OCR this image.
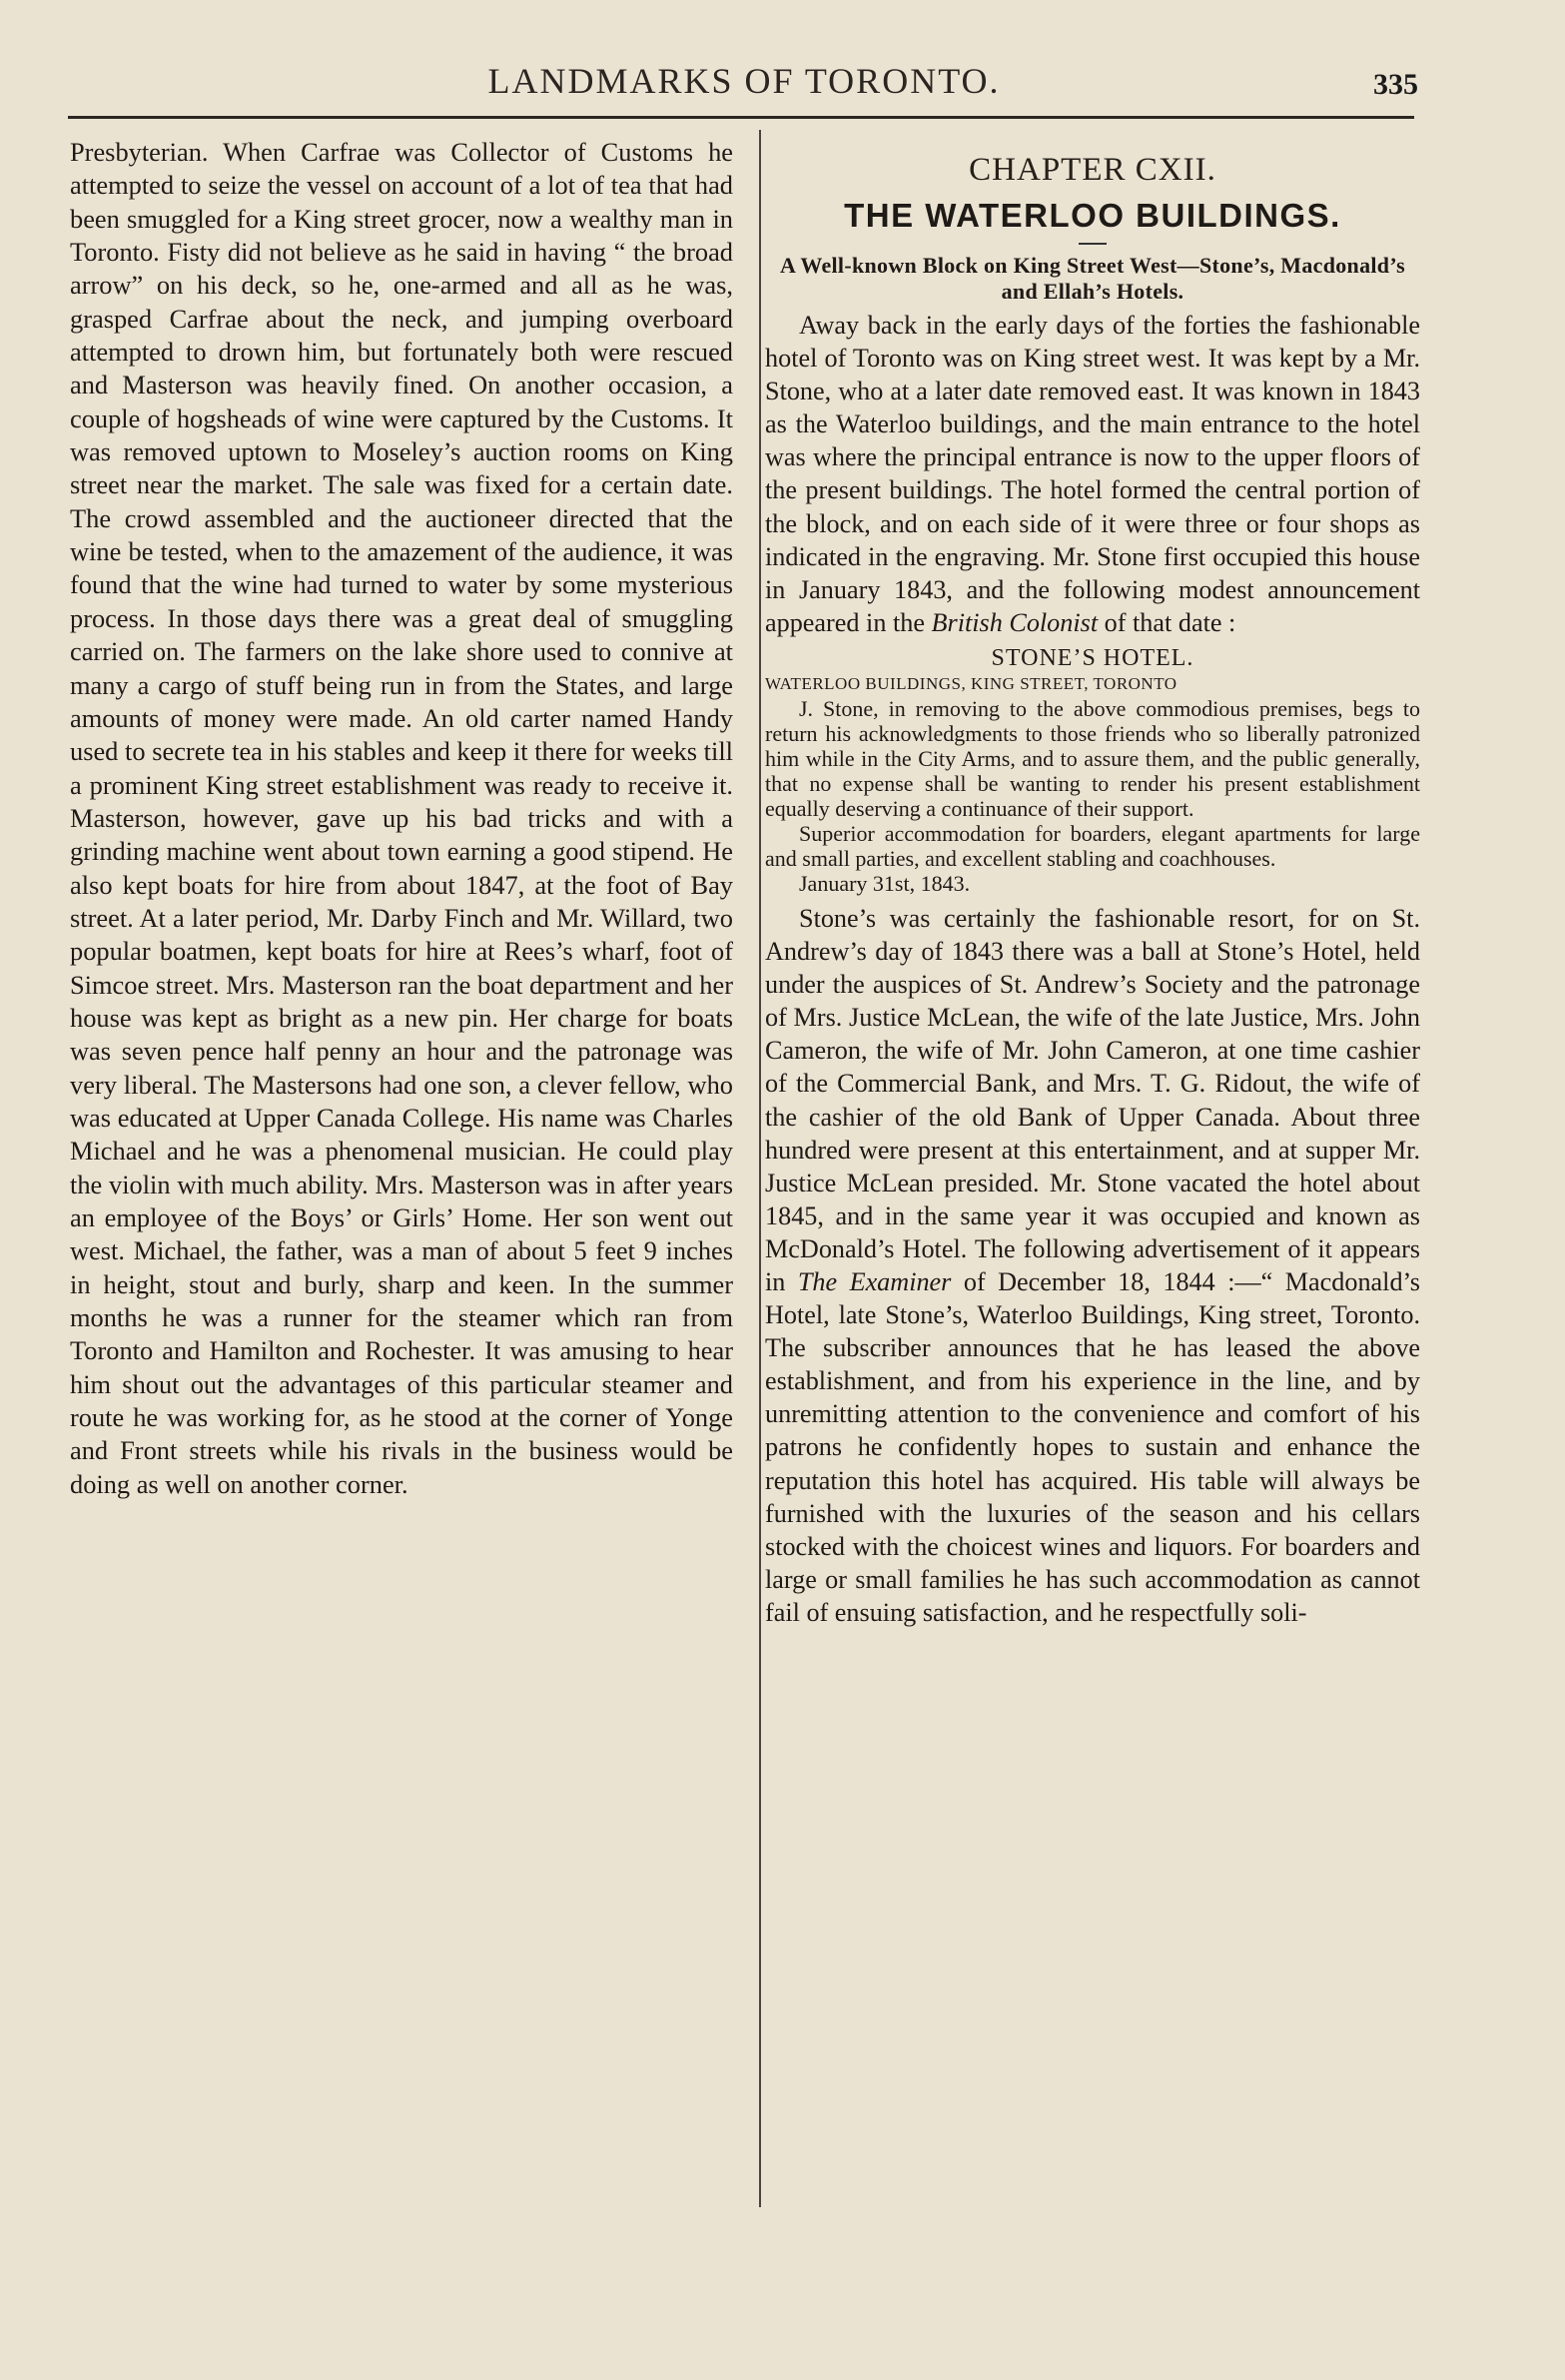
LANDMARKS OF TORONTO.	335

Presbyterian. When Carfrae was Collector of Customs he attempted to seize the vessel on account of a lot of tea that had been smuggled for a King street grocer, now a wealthy man in Toronto. Fisty did not believe as he said in having “ the broad arrow” on his deck, so he, one-armed and all as he was, grasped Carfrae about the neck, and jumping overboard attempted to drown him, but fortunately both were rescued and Masterson was heavily fined. On another occasion, a couple of hogsheads of wine were captured by the Customs. It was removed uptown to Moseley’s auction rooms on King street near the market. The sale was fixed for a certain date. The crowd assembled and the auctioneer directed that the wine be tested, when to the amazement of the audience, it was found that the wine had turned to water by some mysterious process. In those days there was a great deal of smuggling carried on. The farmers on the lake shore used to connive at many a cargo of stuff being run in from the States, and large amounts of money were made. An old carter named Handy used to secrete tea in his stables and keep it there for weeks till a prominent King street establishment was ready to receive it. Masterson, however, gave up his bad tricks and with a grinding machine went about town earning a good stipend. He also kept boats for hire from about 1847, at the foot of Bay street. At a later period, Mr. Darby Finch and Mr. Willard, two popular boatmen, kept boats for hire at Rees’s wharf, foot of Simcoe street. Mrs. Masterson ran the boat department and her house was kept as bright as a new pin. Her charge for boats was seven pence half penny an hour and the patronage was very liberal. The Mastersons had one son, a clever fellow, who was educated at Upper Canada College. His name was Charles Michael and he was a phenomenal musician. He could play the violin with much ability. Mrs. Masterson was in after years an employee of the Boys’ or Girls’ Home. Her son went out west. Michael, the father, was a man of about 5 feet 9 inches in height, stout and burly, sharp and keen. In the summer months he was a runner for the steamer which ran from Toronto and Hamilton and Rochester. It was amusing to hear him shout out the advantages of this particular steamer and route he was working for, as he stood at the corner of Yonge and Front streets while his rivals in the business would be doing as well on another corner.

CHAPTER CXII.
THE WATERLOO BUILDINGS.
A Well-known Block on King Street West—Stone’s, Macdonald’s and Ellah’s Hotels.

Away back in the early days of the forties the fashionable hotel of Toronto was on King street west. It was kept by a Mr. Stone, who at a later date removed east. It was known in 1843 as the Waterloo buildings, and the main entrance to the hotel was where the principal entrance is now to the upper floors of the present buildings. The hotel formed the central portion of the block, and on each side of it were three or four shops as indicated in the engraving. Mr. Stone first occupied this house in January 1843, and the following modest announcement appeared in the British Colonist of that date :

STONE’S HOTEL.
WATERLOO BUILDINGS, KING STREET, TORONTO

J. Stone, in removing to the above commodious premises, begs to return his acknowledgments to those friends who so liberally patronized him while in the City Arms, and to assure them, and the public generally, that no expense shall be wanting to render his present establishment equally deserving a continuance of their support.

Superior accommodation for boarders, elegant apartments for large and small parties, and excellent stabling and coachhouses.

January 31st, 1843.

Stone’s was certainly the fashionable resort, for on St. Andrew’s day of 1843 there was a ball at Stone’s Hotel, held under the auspices of St. Andrew’s Society and the patronage of Mrs. Justice McLean, the wife of the late Justice, Mrs. John Cameron, the wife of Mr. John Cameron, at one time cashier of the Commercial Bank, and Mrs. T. G. Ridout, the wife of the cashier of the old Bank of Upper Canada. About three hundred were present at this entertainment, and at supper Mr. Justice McLean presided. Mr. Stone vacated the hotel about 1845, and in the same year it was occupied and known as McDonald’s Hotel. The following advertisement of it appears in The Examiner of December 18, 1844 :—“ Macdonald’s Hotel, late Stone’s, Waterloo Buildings, King street, Toronto. The subscriber announces that he has leased the above establishment, and from his experience in the line, and by unremitting attention to the convenience and comfort of his patrons he confidently hopes to sustain and enhance the reputation this hotel has acquired. His table will always be furnished with the luxuries of the season and his cellars stocked with the choicest wines and liquors. For boarders and large or small families he has such accommodation as cannot fail of ensuing satisfaction, and he respectfully soli-
